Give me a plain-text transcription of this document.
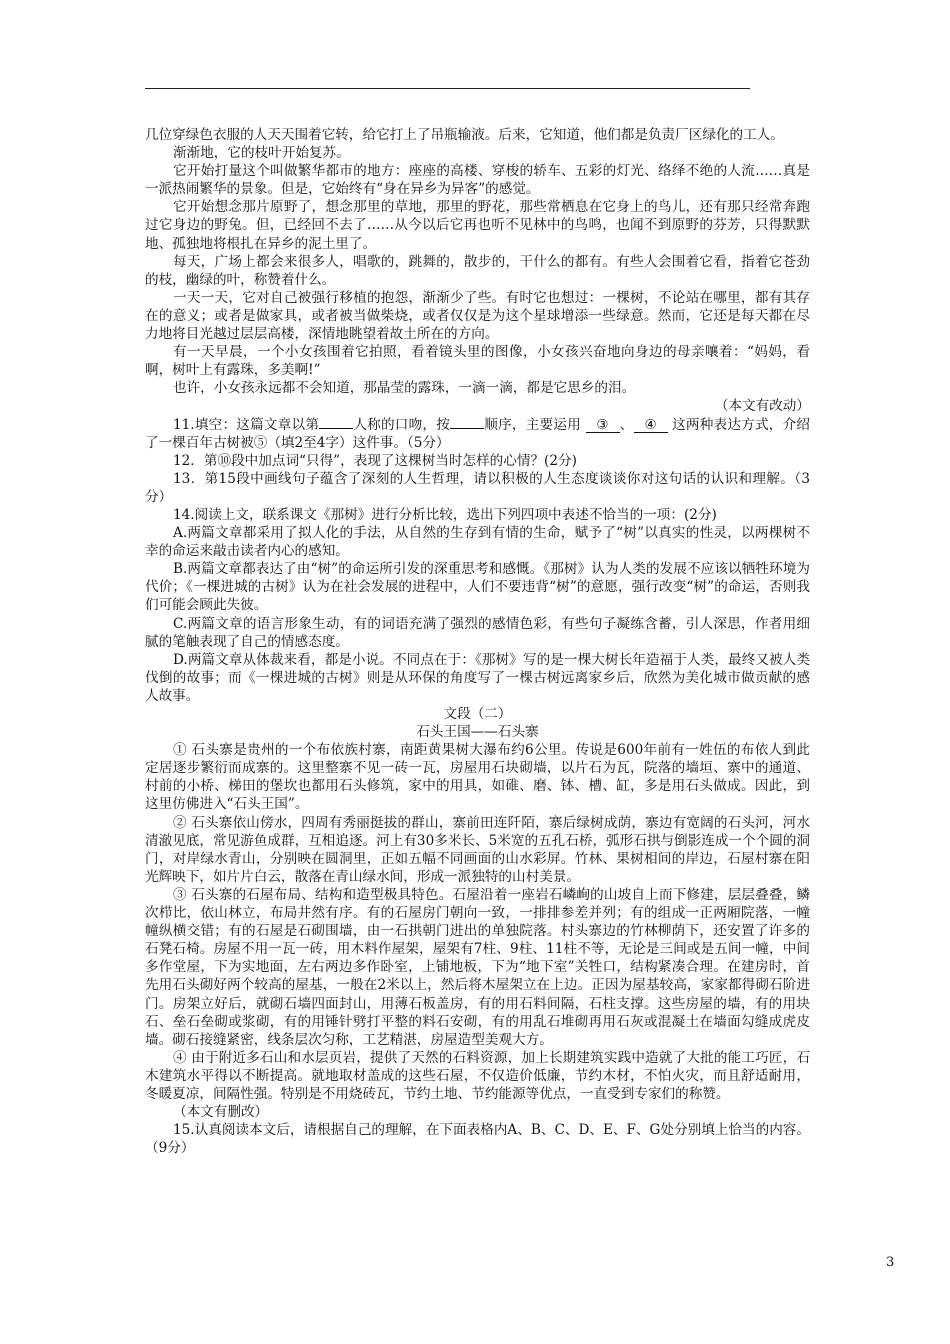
几位穿绿色衣服的人天天围着它转，给它打上了吊瓶输液。后来，它知道，他们都是负责厂区绿化的工人。

渐渐地，它的枝叶开始复苏。

它开始打量这个叫做繁华都市的地方：座座的高楼、穿梭的轿车、五彩的灯光、络绎不绝的人流……真是一派热闹繁华的景象。但是，它始终有“身在异乡为异客”的感觉。

它开始想念那片原野了，想念那里的草地，那里的野花，那些常栖息在它身上的鸟儿，还有那只经常奔跑过它身边的野兔。但，已经回不去了……从今以后它再也听不见林中的鸟鸣，也闻不到原野的芬芳，只得默默地、孤独地将根扎在异乡的泥土里了。

每天，广场上都会来很多人，唱歌的，跳舞的，散步的，干什么的都有。有些人会围着它看，指着它苍劲的枝，幽绿的叶，称赞着什么。

一天一天，它对自己被强行移植的抱怨，渐渐少了些。有时它也想过：一棵树，不论站在哪里，都有其存在的意义；或者是做家具，或者被当做柴烧，或者仅仅是为这个星球增添一些绿意。然而，它还是每天都在尽力地将目光越过层层高楼，深情地眺望着故土所在的方向。

有一天早晨，一个小女孩围着它拍照，看着镜头里的图像，小女孩兴奋地向身边的母亲嚷着：“妈妈，看啊，树叶上有露珠，多美啊!”

也许，小女孩永远都不会知道，那晶莹的露珠，一滴一滴，都是它思乡的泪。

（本文有改动）

11.填空：这篇文章以第	人称的口吻，按	顺序，主要运用 ③ 、 ④ 这两种表达方式，介绍了一棵百年古树被⑤（填2至4字）这件事。（5分）

12．第⑩段中加点词“只得”，表现了这棵树当时怎样的心情？(2分)

13．第15段中画线句子蕴含了深刻的人生哲理，请以积极的人生态度谈谈你对这句话的认识和理解。（3分）

14.阅读上文，联系课文《那树》进行分析比较，选出下列四项中表述不恰当的一项：(2分)

A.两篇文章都采用了拟人化的手法，从自然的生存到有情的生命，赋予了“树”以真实的性灵，以两棵树不幸的命运来敲击读者内心的感知。

B.两篇文章都表达了由“树”的命运所引发的深重思考和感慨。《那树》认为人类的发展不应该以牺牲环境为代价；《一棵进城的古树》认为在社会发展的进程中，人们不要违背“树”的意愿，强行改变“树”的命运，否则我们可能会顾此失彼。

C.两篇文章的语言形象生动，有的词语充满了强烈的感情色彩，有些句子凝练含蓄，引人深思，作者用细腻的笔触表现了自己的情感态度。

D.两篇文章从体裁来看，都是小说。不同点在于：《那树》写的是一棵大树长年造福于人类，最终又被人类伐倒的故事；而《一棵进城的古树》则是从环保的角度写了一棵古树远离家乡后，欣然为美化城市做贡献的感人故事。

文段（二）

石头王国——石头寨

① 石头寨是贵州的一个布依族村寨，南距黄果树大瀑布约6公里。传说是600年前有一姓伍的布依人到此定居逐步繁衍而成寨的。这里整寨不见一砖一瓦，房屋用石块砌墙，以片石为瓦，院落的墙垣、寨中的通道、村前的小桥、梯田的堡坎也都用石头修筑，家中的用具，如碓、磨、钵、槽、缸，多是用石头做成。因此，到这里仿佛进入“石头王国”。

② 石头寨依山傍水，四周有秀丽挺拔的群山，寨前田连阡陌，寨后绿树成荫，寨边有宽阔的石头河，河水清澈见底，常见游鱼成群，互相追逐。河上有30多米长、5米宽的五孔石桥，弧形石拱与倒影连成一个个圆的洞门，对岸绿水青山，分别映在圆洞里，正如五幅不同画面的山水彩屏。竹林、果树相间的岸边，石屋村寨在阳光辉映下，如片片白云，散落在青山绿水间，形成一派独特的山村美景。

③ 石头寨的石屋布局、结构和造型极具特色。石屋沿着一座岩石嶙峋的山坡自上而下修建，层层叠叠，鳞次栉比，依山林立，布局井然有序。有的石屋房门朝向一致，一排排参差并列；有的组成一正两厢院落，一幢幢纵横交错；有的石屋是石砌围墙，由一石拱朝门进出的单独院落。村头寨边的竹林柳荫下，还安置了许多的石凳石椅。房屋不用一瓦一砖，用木料作屋架，屋架有7柱、9柱、11柱不等，无论是三间或是五间一幢，中间多作堂屋，下为实地面，左右两边多作卧室，上铺地板，下为“地下室”关牲口，结构紧凑合理。在建房时，首先用石头砌好两个较高的屋基，一般在2米以上，然后将木屋架立在上边。正因为屋基较高，家家都得砌石阶进门。房架立好后，就砌石墙四面封山，用薄石板盖房，有的用石料间隔，石柱支撑。这些房屋的墙，有的用块石、垒石垒砌或浆砌，有的用锤针劈打平整的料石安砌，有的用乱石堆砌再用石灰或混凝土在墙面勾缝成虎皮墙。砌石接缝紧密，线条层次匀称，工艺精湛，房屋造型美观大方。

④ 由于附近多石山和水层页岩，提供了天然的石料资源，加上长期建筑实践中造就了大批的能工巧匠，石木建筑水平得以不断提高。就地取材盖成的这些石屋，不仅造价低廉，节约木材，不怕火灾，而且舒适耐用，冬暖夏凉，间隔性强。特别是不用烧砖瓦，节约土地、节约能源等优点，一直受到专家们的称赞。

（本文有删改）

15.认真阅读本文后，请根据自己的理解，在下面表格内A、B、C、D、E、F、G处分别填上恰当的内容。（9分）

3
